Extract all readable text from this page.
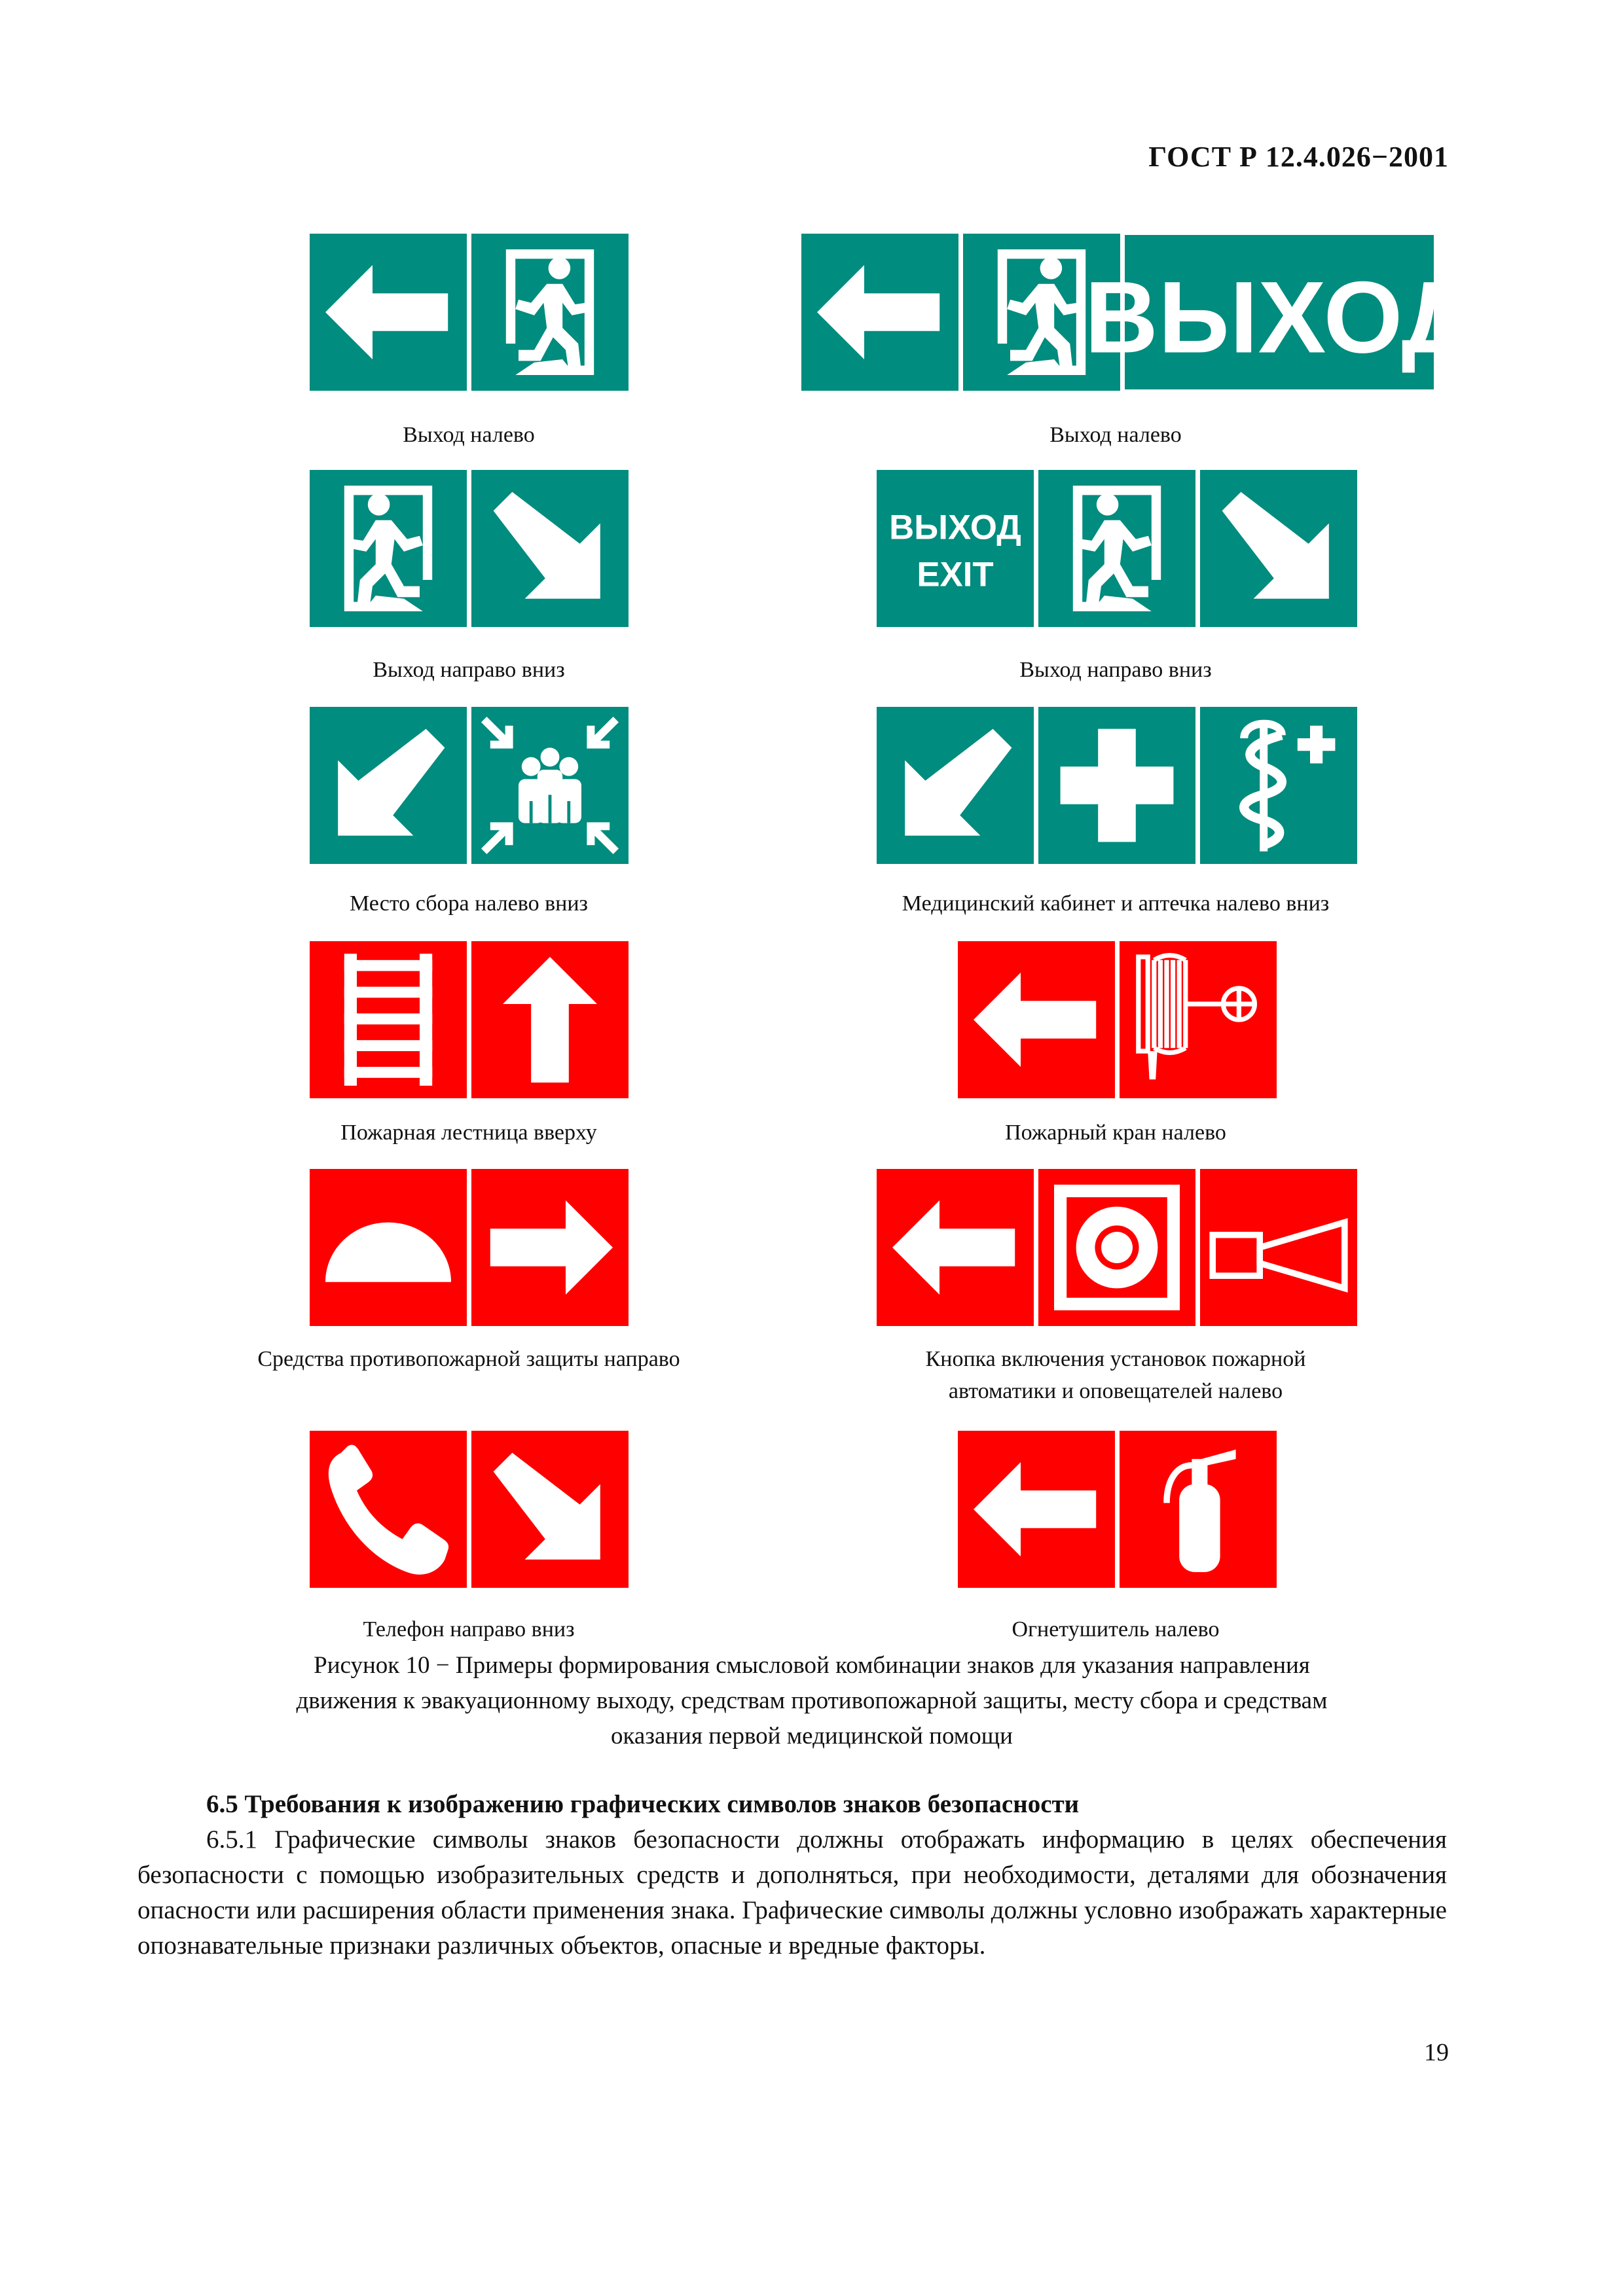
ГОСТ Р 12.4.026−2001
ВЫХОД
Выход налево	Выход налево
ВЫХОД
EXIT
Выход направо вниз	Выход направо вниз
Место сбора налево вниз	Медицинский кабинет и аптечка налево вниз
Пожарная лестница вверху	Пожарный кран налево
Средства противопожарной защиты направо	Кнопка включения установок пожарной
автоматики и оповещателей налево
Телефон направо вниз	Огнетушитель налево
Рисунок 10 − Примеры формирования смысловой комбинации знаков для указания направления
движения к эвакуационному выходу, средствам противопожарной защиты, месту сбора и средствам
оказания первой медицинской помощи
6.5 Требования к изображению графических символов знаков безопасности
6.5.1 Графические символы знаков безопасности должны отображать информацию в целях обеспечения безопасности с помощью изобразительных средств и дополняться, при необходимости, деталями для обозначения опасности или расширения области применения знака. Графические символы должны условно изображать характерные опознавательные признаки различных объектов, опасные и вредные факторы.
19
